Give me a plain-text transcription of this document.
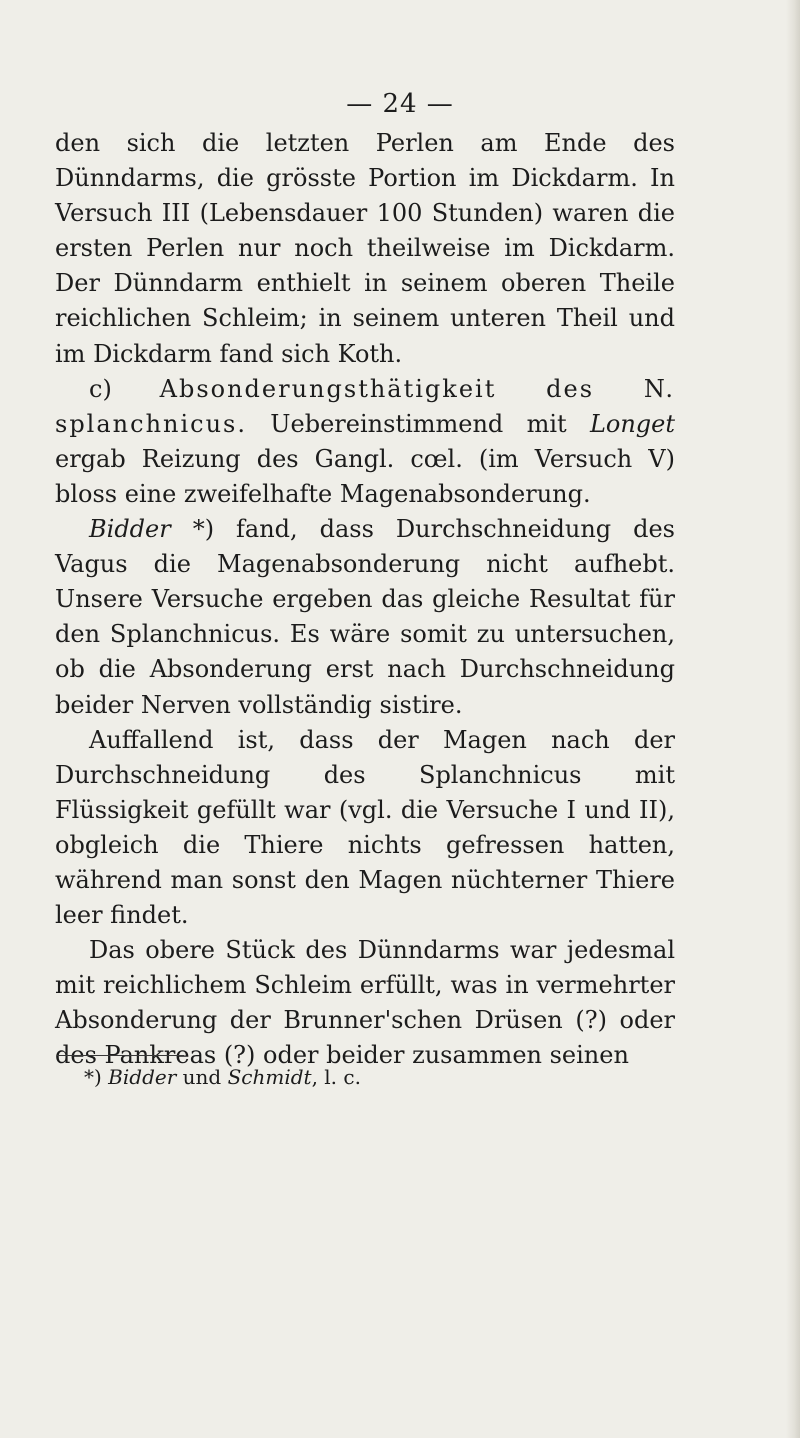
— 24 —

den sich die letzten Perlen am Ende des Dünndarms, die grösste Portion im Dickdarm. In Versuch III (Lebensdauer 100 Stunden) waren die ersten Perlen nur noch theilweise im Dickdarm. Der Dünndarm enthielt in seinem oberen Theile reichlichen Schleim; in seinem unteren Theil und im Dickdarm fand sich Koth.

c) Absonderungsthätigkeit des N. splanchnicus. Uebereinstimmend mit Longet ergab Reizung des Gangl. cœl. (im Versuch V) bloss eine zweifelhafte Magenabsonderung.

Bidder *) fand, dass Durchschneidung des Vagus die Magenabsonderung nicht aufhebt. Unsere Versuche ergeben das gleiche Resultat für den Splanchnicus. Es wäre somit zu untersuchen, ob die Absonderung erst nach Durchschneidung beider Nerven vollständig sistire.

Auffallend ist, dass der Magen nach der Durchschneidung des Splanchnicus mit Flüssigkeit gefüllt war (vgl. die Versuche I und II), obgleich die Thiere nichts gefressen hatten, während man sonst den Magen nüchterner Thiere leer findet.

Das obere Stück des Dünndarms war jedesmal mit reichlichem Schleim erfüllt, was in vermehrter Absonderung der Brunner'schen Drüsen (?) oder des Pankreas (?) oder beider zusammen seinen

*) Bidder und Schmidt, l. c.
